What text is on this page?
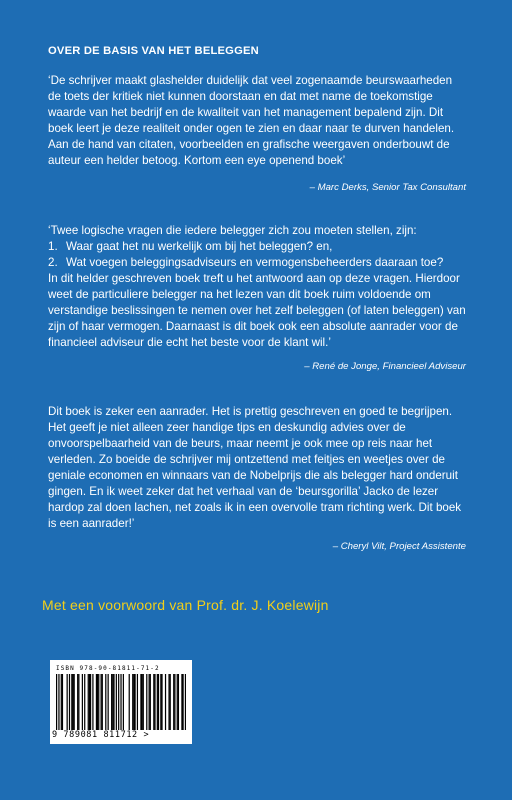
OVER DE BASIS VAN HET BELEGGEN

‘De schrijver maakt glashelder duidelijk dat veel zogenaamde beurswaarheden de toets der kritiek niet kunnen doorstaan en dat met name de toekomstige waarde van het bedrijf en de kwaliteit van het management bepalend zijn. Dit boek leert je deze realiteit onder ogen te zien en daar naar te durven handelen. Aan de hand van citaten, voorbeelden en grafische weergaven onderbouwt de auteur een helder betoog. Kortom een eye openend boek’

– Marc Derks, Senior Tax Consultant

‘Twee logische vragen die iedere belegger zich zou moeten stellen, zijn:

1. Waar gaat het nu werkelijk om bij het beleggen? en,
2. Wat voegen beleggingsadviseurs en vermogensbeheerders daaraan toe?

In dit helder geschreven boek treft u het antwoord aan op deze vragen. Hierdoor weet de particuliere belegger na het lezen van dit boek ruim voldoende om verstandige beslissingen te nemen over het zelf beleggen (of laten beleggen) van zijn of haar vermogen. Daarnaast is dit boek ook een absolute aanrader voor de financieel adviseur die echt het beste voor de klant wil.’

– René de Jonge, Financieel Adviseur

Dit boek is zeker een aanrader. Het is prettig geschreven en goed te begrijpen. Het geeft je niet alleen zeer handige tips en deskundig advies over de onvoorspelbaarheid van de beurs, maar neemt je ook mee op reis naar het verleden. Zo boeide de schrijver mij ontzettend met feitjes en weetjes over de geniale economen en winnaars van de Nobelprijs die als belegger hard onderuit gingen. En ik weet zeker dat het verhaal van de ‘beursgorilla’ Jacko de lezer hardop zal doen lachen, net zoals ik in een overvolle tram richting werk. Dit boek is een aanrader!’

– Cheryl Vilt, Project Assistente
Met een voorwoord van Prof. dr. J. Koelewijn
ISBN 978-90-81811-71-2
9 789081 811712 >
